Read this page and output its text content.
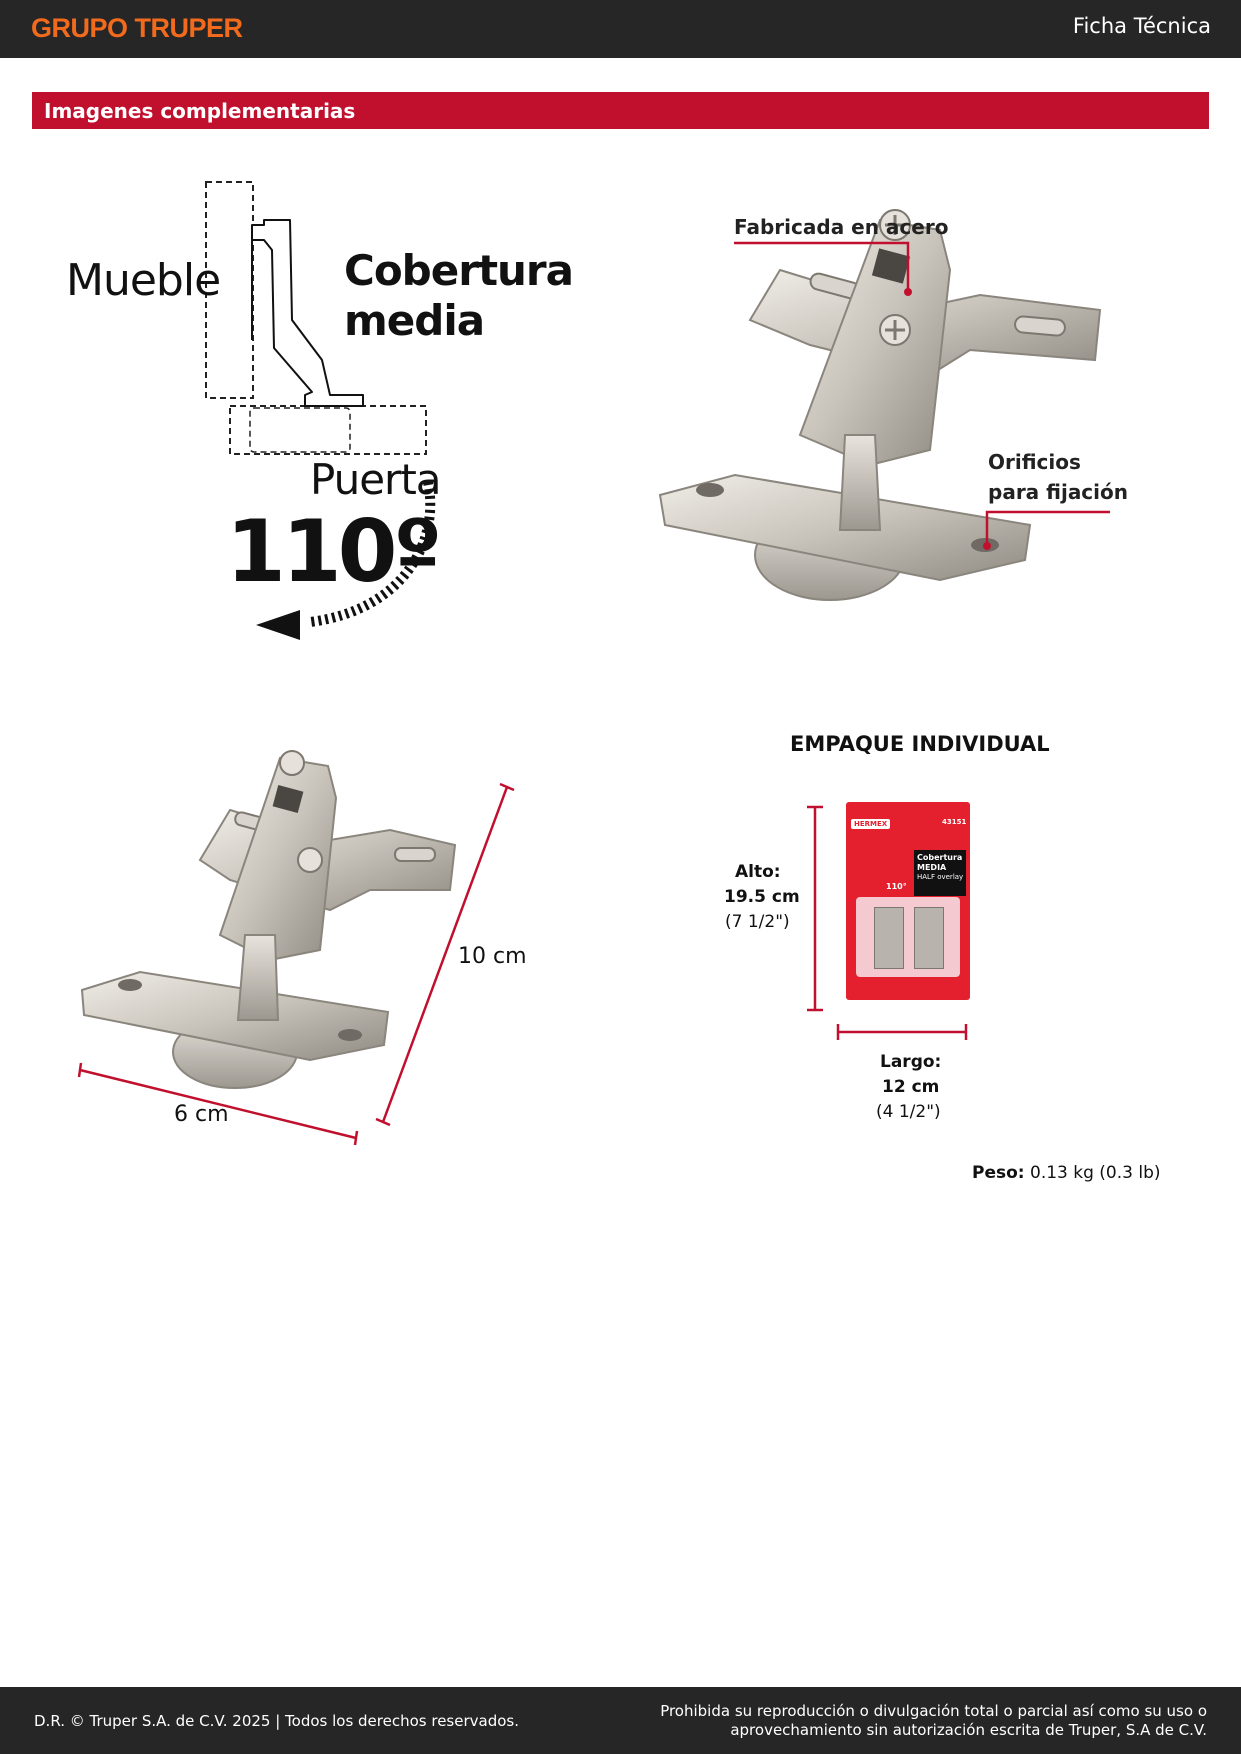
GRUPO TRUPER	Ficha Técnica
Imagenes complementarias
Mueble	Cobertura
media
Puerta
110º
Fabricada en acero
Orificios
para fijación
10 cm
6 cm
EMPAQUE INDIVIDUAL
HERMEX	43151
Cobertura
MEDIA
HALF overlay
110°
Alto:
19.5 cm
(7 1/2")
Largo:
12 cm
(4 1/2")
Peso: 0.13 kg (0.3 lb)
D.R. © Truper S.A. de C.V. 2025 | Todos los derechos reservados.
Prohibida su reproducción o divulgación total o parcial así como su uso o
aprovechamiento sin autorización escrita de Truper, S.A de C.V.
